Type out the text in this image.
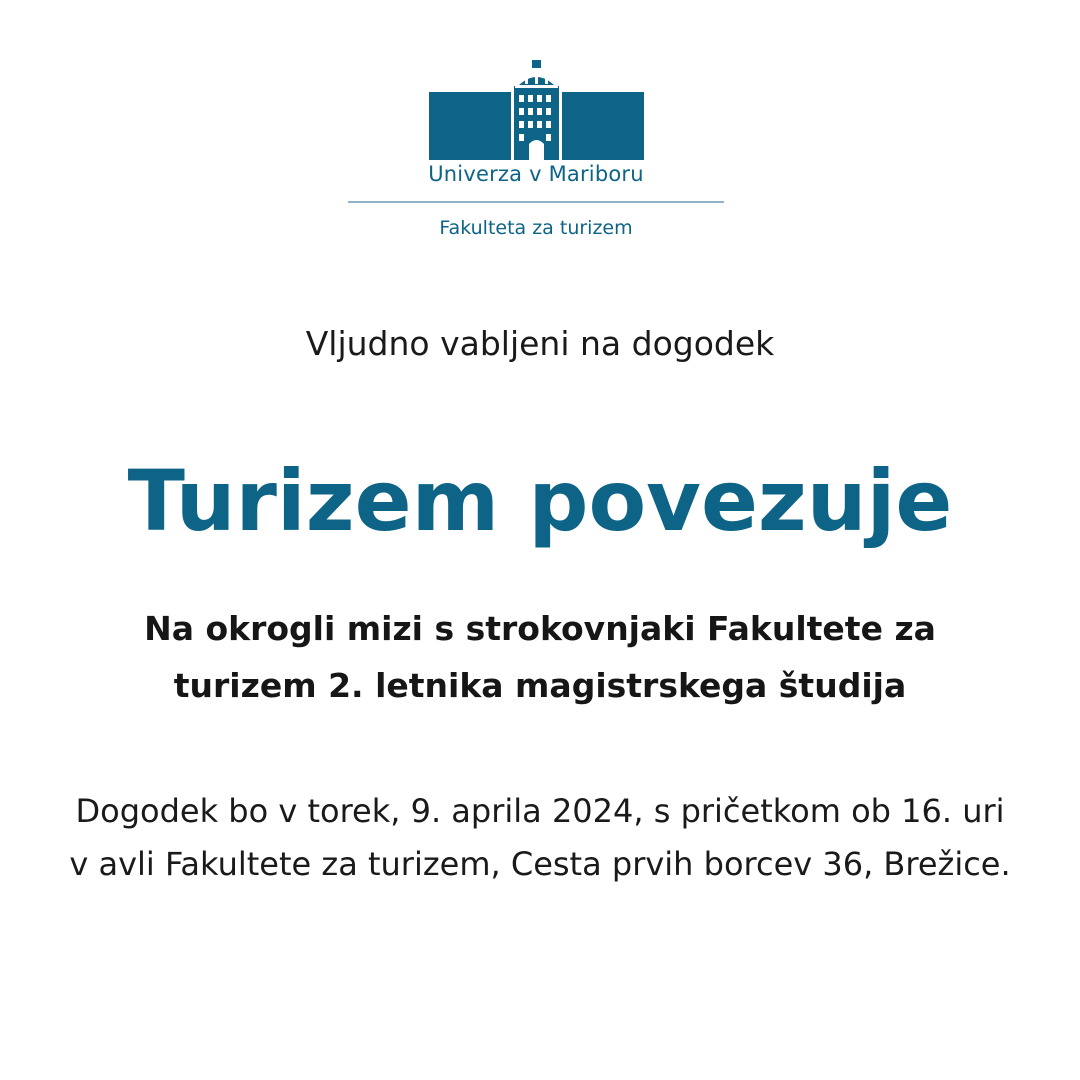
Univerza v Mariboru
Fakulteta za turizem
Vljudno vabljeni na dogodek
Turizem povezuje
Na okrogli mizi s strokovnjaki Fakultete za
turizem 2. letnika magistrskega študija
Dogodek bo v torek, 9. aprila 2024, s pričetkom ob 16. uri
v avli Fakultete za turizem, Cesta prvih borcev 36, Brežice.
